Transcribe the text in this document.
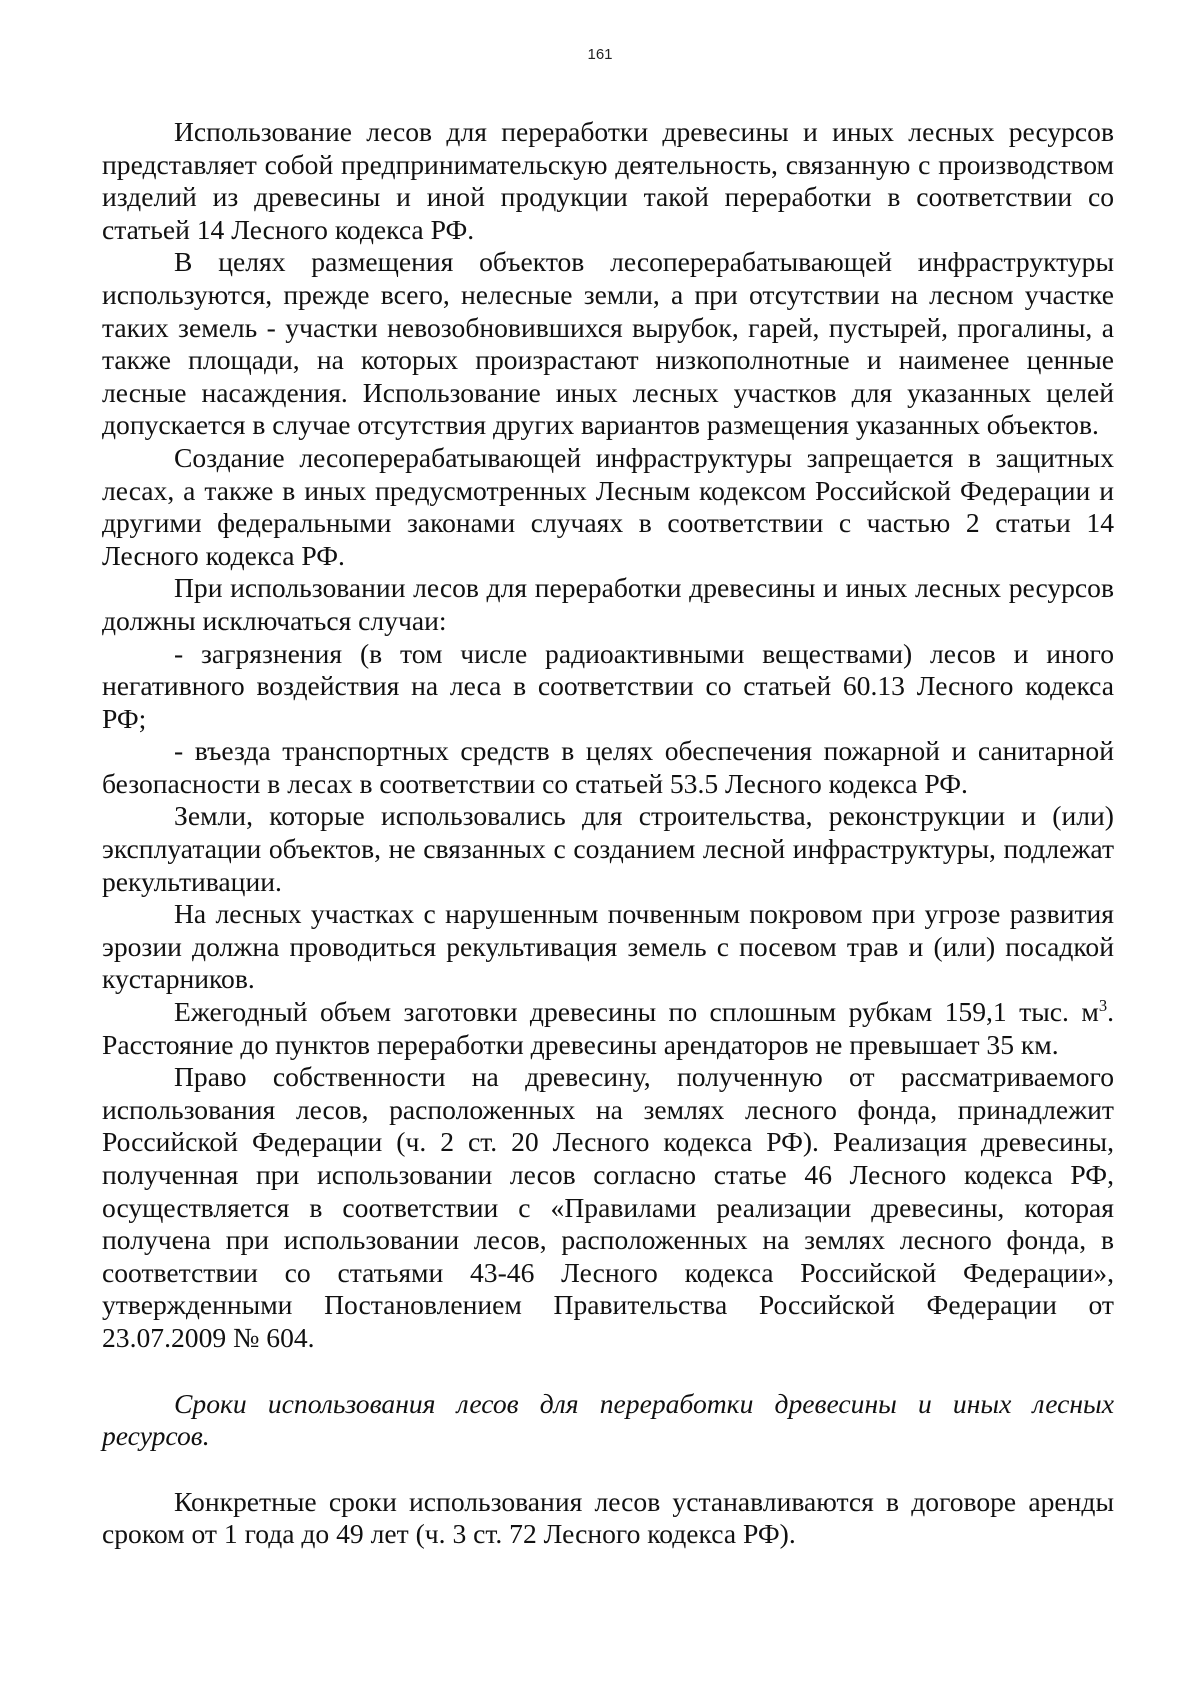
161

Использование лесов для переработки древесины и иных лесных ресурсов представляет собой предпринимательскую деятельность, связанную с производством изделий из древесины и иной продукции такой переработки в соответствии со статьей 14 Лесного кодекса РФ.

В целях размещения объектов лесоперерабатывающей инфраструктуры используются, прежде всего, нелесные земли, а при отсутствии на лесном участке таких земель - участки невозобновившихся вырубок, гарей, пустырей, прогалины, а также площади, на которых произрастают низкополнотные и наименее ценные лесные насаждения. Использование иных лесных участков для указанных целей допускается в случае отсутствия других вариантов размещения указанных объектов.

Создание лесоперерабатывающей инфраструктуры запрещается в защитных лесах, а также в иных предусмотренных Лесным кодексом Российской Федерации и другими федеральными законами случаях в соответствии с частью 2 статьи 14 Лесного кодекса РФ.

При использовании лесов для переработки древесины и иных лесных ресурсов должны исключаться случаи:

- загрязнения (в том числе радиоактивными веществами) лесов и иного негативного воздействия на леса в соответствии со статьей 60.13 Лесного кодекса РФ;

- въезда транспортных средств в целях обеспечения пожарной и санитарной безопасности в лесах в соответствии со статьей 53.5 Лесного кодекса РФ.

Земли, которые использовались для строительства, реконструкции и (или) эксплуатации объектов, не связанных с созданием лесной инфраструктуры, подлежат рекультивации.

На лесных участках с нарушенным почвенным покровом при угрозе развития эрозии должна проводиться рекультивация земель с посевом трав и (или) посадкой кустарников.

Ежегодный объем заготовки древесины по сплошным рубкам 159,1 тыс. $м^3$. Расстояние до пунктов переработки древесины арендаторов не превышает 35 км.

Право собственности на древесину, полученную от рассматриваемого использования лесов, расположенных на землях лесного фонда, принадлежит Российской Федерации (ч. 2 ст. 20 Лесного кодекса РФ). Реализация древесины, полученная при использовании лесов согласно статье 46 Лесного кодекса РФ, осуществляется в соответствии с «Правилами реализации древесины, которая получена при использовании лесов, расположенных на землях лесного фонда, в соответствии со статьями 43-46 Лесного кодекса Российской Федерации», утвержденными Постановлением Правительства Российской Федерации от 23.07.2009 № 604.

Сроки использования лесов для переработки древесины и иных лесных ресурсов.

Конкретные сроки использования лесов устанавливаются в договоре аренды сроком от 1 года до 49 лет (ч. 3 ст. 72 Лесного кодекса РФ).
